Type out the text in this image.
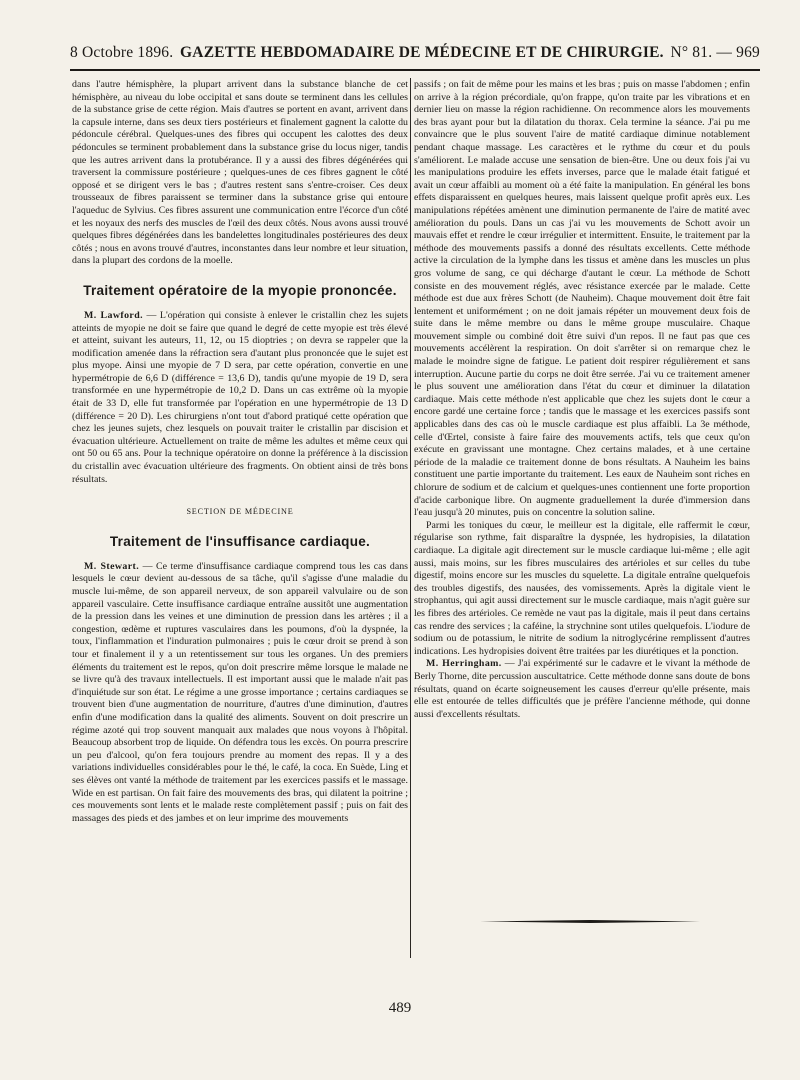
8 Octobre 1896. GAZETTE HEBDOMADAIRE DE MÉDECINE ET DE CHIRURGIE. N° 81. — 969

dans l'autre hémisphère, la plupart arrivent dans la substance blanche de cet hémisphère, au niveau du lobe occipital et sans doute se terminent dans les cellules de la substance grise de cette région. Mais d'autres se portent en avant, arrivent dans la capsule interne, dans ses deux tiers postérieurs et finalement gagnent la calotte du pédoncule cérébral. Quelques-unes des fibres qui occupent les calottes des deux pédoncules se terminent probablement dans la substance grise du locus niger, tandis que les autres arrivent dans la protubérance. Il y a aussi des fibres dégénérées qui traversent la commissure postérieure ; quelques-unes de ces fibres gagnent le côté opposé et se dirigent vers le bas ; d'autres restent sans s'entre-croiser. Ces deux trousseaux de fibres paraissent se terminer dans la substance grise qui entoure l'aqueduc de Sylvius. Ces fibres assurent une communication entre l'écorce d'un côté et les noyaux des nerfs des muscles de l'œil des deux côtés. Nous avons aussi trouvé quelques fibres dégénérées dans les bandelettes longitudinales postérieures des deux côtés ; nous en avons trouvé d'autres, inconstantes dans leur nombre et leur situation, dans la plupart des cordons de la moelle.

Traitement opératoire de la myopie prononcée.

M. Lawford. — L'opération qui consiste à enlever le cristallin chez les sujets atteints de myopie ne doit se faire que quand le degré de cette myopie est très élevé et atteint, suivant les auteurs, 11, 12, ou 15 dioptries ; on devra se rappeler que la modification amenée dans la réfraction sera d'autant plus prononcée que le sujet est plus myope. Ainsi une myopie de 7 D sera, par cette opération, convertie en une hypermétropie de 6,6 D (différence = 13,6 D), tandis qu'une myopie de 19 D, sera transformée en une hypermétropie de 10,2 D. Dans un cas extrême où la myopie était de 33 D, elle fut transformée par l'opération en une hypermétropie de 13 D (différence = 20 D). Les chirurgiens n'ont tout d'abord pratiqué cette opération que chez les jeunes sujets, chez lesquels on pouvait traiter le cristallin par discision et évacuation ultérieure. Actuellement on traite de même les adultes et même ceux qui ont 50 ou 65 ans. Pour la technique opératoire on donne la préférence à la discission du cristallin avec évacuation ultérieure des fragments. On obtient ainsi de très bons résultats.

SECTION DE MÉDECINE
Traitement de l'insuffisance cardiaque.

M. Stewart. — Ce terme d'insuffisance cardiaque comprend tous les cas dans lesquels le cœur devient au-dessous de sa tâche, qu'il s'agisse d'une maladie du muscle lui-même, de son appareil nerveux, de son appareil valvulaire ou de son appareil vasculaire. Cette insuffisance cardiaque entraîne aussitôt une augmentation de la pression dans les veines et une diminution de pression dans les artères ; il a congestion, œdème et ruptures vasculaires dans les poumons, d'où la dyspnée, la toux, l'inflammation et l'induration pulmonaires ; puis le cœur droit se prend à son tour et finalement il y a un retentissement sur tous les organes. Un des premiers éléments du traitement est le repos, qu'on doit prescrire même lorsque le malade ne se livre qu'à des travaux intellectuels. Il est important aussi que le malade n'ait pas d'inquiétude sur son état. Le régime a une grosse importance ; certains cardiaques se trouvent bien d'une augmentation de nourriture, d'autres d'une diminution, d'autres enfin d'une modification dans la qualité des aliments. Souvent on doit prescrire un régime azoté qui trop souvent manquait aux malades que nous voyons à l'hôpital. Beaucoup absorbent trop de liquide. On défendra tous les excès. On pourra prescrire un peu d'alcool, qu'on fera toujours prendre au moment des repas. Il y a des variations individuelles considérables pour le thé, le café, la coca. En Suède, Ling et ses élèves ont vanté la méthode de traitement par les exercices passifs et le massage. Wide en est partisan. On fait faire des mouvements des bras, qui dilatent la poitrine ; ces mouvements sont lents et le malade reste complètement passif ; puis on fait des massages des pieds et des jambes et on leur imprime des mouvements

passifs ; on fait de même pour les mains et les bras ; puis on masse l'abdomen ; enfin on arrive à la région précordiale, qu'on frappe, qu'on traite par les vibrations et en dernier lieu on masse la région rachidienne. On recommence alors les mouvements des bras ayant pour but la dilatation du thorax. Cela termine la séance. J'ai pu me convaincre que le plus souvent l'aire de matité cardiaque diminue notablement pendant chaque massage. Les caractères et le rythme du cœur et du pouls s'améliorent. Le malade accuse une sensation de bien-être. Une ou deux fois j'ai vu les manipulations produire les effets inverses, parce que le malade était fatigué et avait un cœur affaibli au moment où a été faite la manipulation. En général les bons effets disparaissent en quelques heures, mais laissent quelque profit après eux. Les manipulations répétées amènent une diminution permanente de l'aire de matité avec amélioration du pouls. Dans un cas j'ai vu les mouvements de Schott avoir un mauvais effet et rendre le cœur irrégulier et intermittent. Ensuite, le traitement par la méthode des mouvements passifs a donné des résultats excellents. Cette méthode active la circulation de la lymphe dans les tissus et amène dans les muscles un plus gros volume de sang, ce qui décharge d'autant le cœur. La méthode de Schott consiste en des mouvement réglés, avec résistance exercée par le malade. Cette méthode est due aux frères Schott (de Nauheim). Chaque mouvement doit être fait lentement et uniformément ; on ne doit jamais répéter un mouvement deux fois de suite dans le même membre ou dans le même groupe musculaire. Chaque mouvement simple ou combiné doit être suivi d'un repos. Il ne faut pas que ces mouvements accélèrent la respiration. On doit s'arrêter si on remarque chez le malade le moindre signe de fatigue. Le patient doit respirer régulièrement et sans interruption. Aucune partie du corps ne doit être serrée. J'ai vu ce traitement amener le plus souvent une amélioration dans l'état du cœur et diminuer la dilatation cardiaque. Mais cette méthode n'est applicable que chez les sujets dont le cœur a encore gardé une certaine force ; tandis que le massage et les exercices passifs sont applicables dans des cas où le muscle cardiaque est plus affaibli. La 3e méthode, celle d'Œrtel, consiste à faire faire des mouvements actifs, tels que ceux qu'on exécute en gravissant une montagne. Chez certains malades, et à une certaine période de la maladie ce traitement donne de bons résultats. A Nauheim les bains constituent une partie importante du traitement. Les eaux de Nauheim sont riches en chlorure de sodium et de calcium et quelques-unes contiennent une forte proportion d'acide carbonique libre. On augmente graduellement la durée d'immersion dans l'eau jusqu'à 20 minutes, puis on concentre la solution saline.

Parmi les toniques du cœur, le meilleur est la digitale, elle raffermit le cœur, régularise son rythme, fait disparaître la dyspnée, les hydropisies, la dilatation cardiaque. La digitale agit directement sur le muscle cardiaque lui-même ; elle agit aussi, mais moins, sur les fibres musculaires des artérioles et sur celles du tube digestif, moins encore sur les muscles du squelette. La digitale entraîne quelquefois des troubles digestifs, des nausées, des vomissements. Après la digitale vient le strophantus, qui agit aussi directement sur le muscle cardiaque, mais n'agit guère sur les fibres des artérioles. Ce remède ne vaut pas la digitale, mais il peut dans certains cas rendre des services ; la caféine, la strychnine sont utiles quelquefois. L'iodure de sodium ou de potassium, le nitrite de sodium la nitroglycérine remplissent d'autres indications. Les hydropisies doivent être traitées par les diurétiques et la ponction.

M. Herringham. — J'ai expérimenté sur le cadavre et le vivant la méthode de Berly Thorne, dite percussion auscultatrice. Cette méthode donne sans doute de bons résultats, quand on écarte soigneusement les causes d'erreur qu'elle présente, mais elle est entourée de telles difficultés que je préfère l'ancienne méthode, qui donne aussi d'excellents résultats.

489
